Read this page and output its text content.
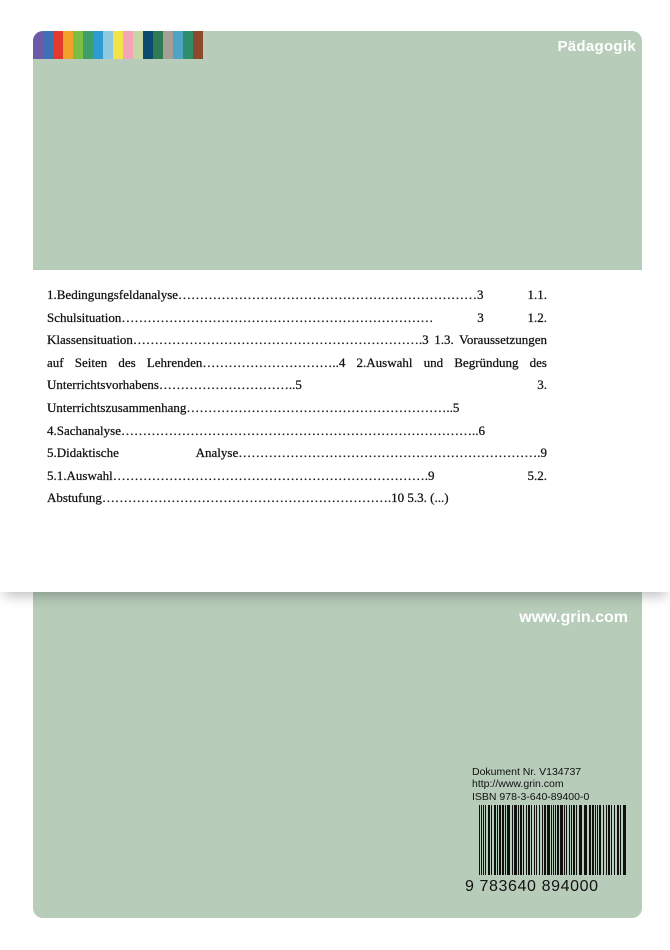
Pädagogik

1.Bedingungsfeldanalyse……………………………………………………………3 1.1. Schulsituation……………………………………………………………… 3 1.2. Klassensituation………………………………………………………….3 1.3. Voraussetzungen auf Seiten des Lehrenden…………………………..4 2.Auswahl und Begründung des Unterrichtsvorhabens…………………………..5 3. Unterrichtszusammenhang……………………………………………………..5 4.Sachanalyse………………………………………………………………………..6 5.Didaktische Analyse…………………………………………………………….9 5.1.Auswahl……………………………………………………………….9 5.2. Abstufung………………………………………………………….10 5.3. (...)

www.grin.com
Dokument Nr. V134737
http://www.grin.com
ISBN 978-3-640-89400-0
9 783640 894000
